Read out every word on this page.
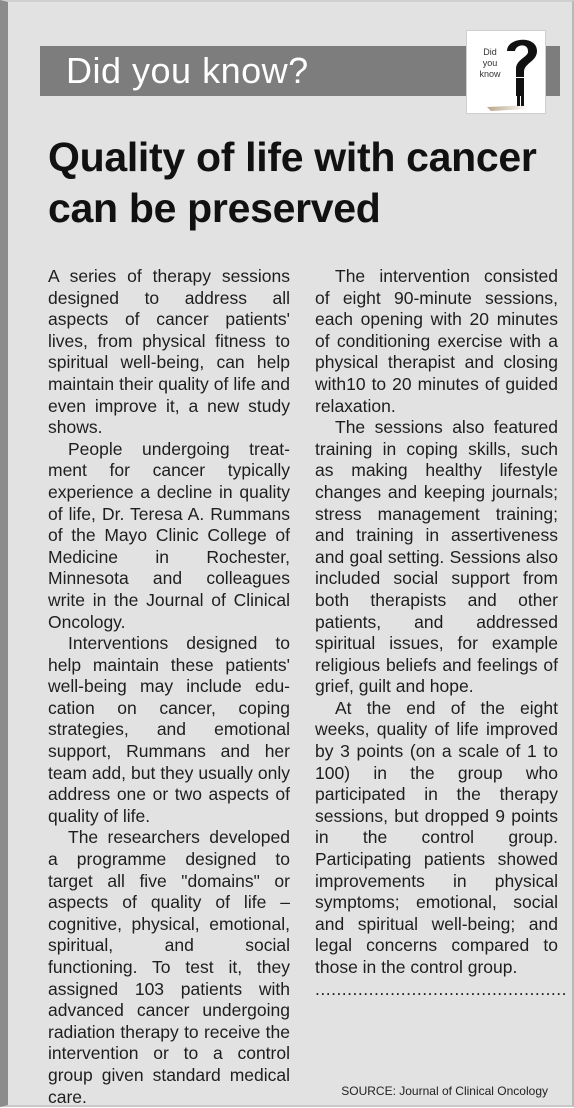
Did you know?	Did
you
know
Quality of life with cancer
can be preserved

A series of therapy sessions designed to address all aspects of cancer patients' lives, from physical fitness to spiritual well-being, can help maintain their quality of life and even improve it, a new study shows.

People undergoing treatment for cancer typically experience a decline in quality of life, Dr. Teresa A. Rummans of the Mayo Clinic College of Medicine in Rochester, Minnesota and colleagues write in the Journal of Clinical Oncology.

Interventions designed to help maintain these patients' well-being may include education on cancer, coping strategies, and emotional support, Rummans and her team add, but they usually only address one or two aspects of quality of life.

The researchers developed a programme designed to target all five "domains" or aspects of quality of life – cognitive, physical, emotional, spiritual, and social functioning. To test it, they assigned 103 patients with advanced cancer undergoing radiation therapy to receive the intervention or to a control group given standard medical care.

The intervention consisted of eight 90-minute sessions, each opening with 20 minutes of conditioning exercise with a physical therapist and closing with10 to 20 minutes of guided relaxation.

The sessions also featured training in coping skills, such as making healthy lifestyle changes and keeping journals; stress management training; and training in assertiveness and goal setting. Sessions also included social support from both therapists and other patients, and addressed spiritual issues, for example religious beliefs and feelings of grief, guilt and hope.

At the end of the eight weeks, quality of life improved by 3 points (on a scale of 1 to 100) in the group who participated in the therapy sessions, but dropped 9 points in the control group. Participating patients showed improvements in physical symptoms; emotional, social and spiritual well-being; and legal concerns compared to those in the control group.

...............................................

SOURCE: Journal of Clinical Oncology
